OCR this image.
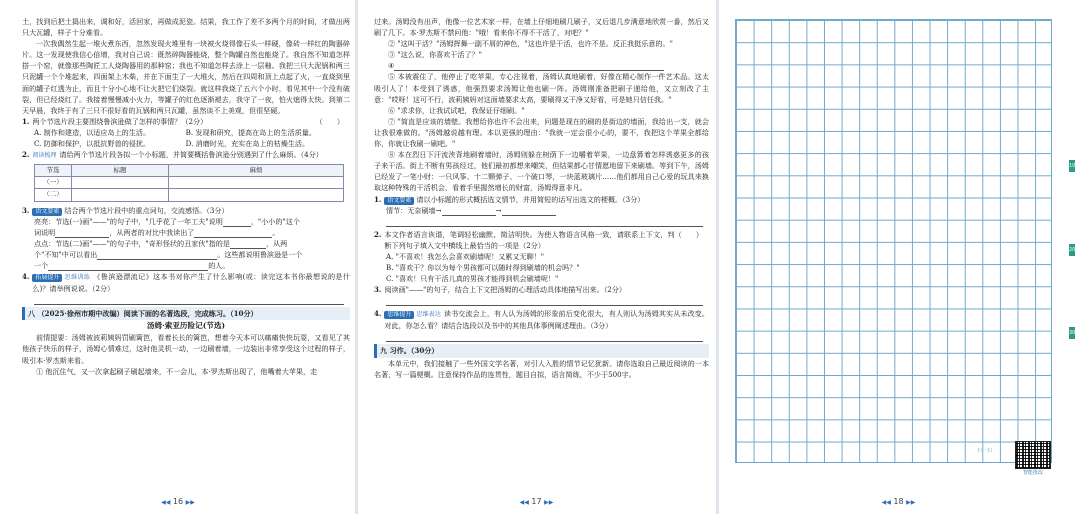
土，找到后把土捣出来，调和好，活回家，再做成泥瓷。结果，我工作了差不多两个月的时间，才做出两只大瓦罐，样子十分难看。

一次我偶然生起一堆火煮东西，忽然发现火堆里有一块被火烧得像石头一样硬，像砖一样红的陶器碎片。这一发现使我信心倍增，我对自己说：既然碎陶器能烧，整个陶罐自然也能烧了。我自然不知道怎样搭一个窑，就像那些陶匠工人烧陶器用的那种窑；我也不知道怎样去涂上一层釉。我把三只大泥锅和两三只泥罐一个个堆起来，四面架上木柴，并在下面生了一大堆火，然后在四周和顶上点起了火，一直烧到里面的罐子红透为止，而且十分小心地不让火把它们烧裂。就这样我烧了五六个小时，看见其中一个没有破裂，但已经烧红了。我接着慢慢减小火力，等罐子的红色逐渐褪去，我守了一夜，怕火熄得太快。到第二天早晨，我终于有了三只不很好看的瓦锅和两只瓦罐，虽然谈不上美观，但很坚硬。

1. 两个节选片段主要围绕鲁滨逊做了怎样的事情？（2分）	（　　）
A. 制作和建造，以适应岛上的生活。	B. 发现和研究，提高在岛上的生活质量。
C. 防御和保护，以抵抗野兽的侵扰。	D. 消磨时光，充实在岛上的枯燥生活。
2. 阅读梳理 请给两个节选片段各拟一个小标题，并简要概括鲁滨逊分别遇到了什么麻烦。（4分）
节选	标题	麻烦
（一）		
（二）		
3.	语文要素 结合两个节选片段中的重点词句，交流感悟。（3分）

亮亮：节选(一)画"——"的句子中，"几乎花了一年工夫"说明	，"小小的"这个

词说明	，从两者的对比中我读出了	。

点点：节选(二)画"——"的句子中，"奇形怪状的丑家伙"指的是	，从两

个"不知"中可以看出	。这些都说明鲁滨逊是一个

一个	的人。

4.	拓展提升 思维训练 《鲁滨逊漂流记》这本书对你产生了什么影响(或：读完这本书你最想说的是什么)？请举例说说。（2分）
八 （2025·徐州市期中改编）阅读下面的名著选段，完成练习。（10分）
汤姆·索亚历险记(节选)

前情提要：汤姆被波莉姨妈罚刷篱笆，看着长长的篱笆，想着今天本可以痛痛快快玩耍，又看见了其他孩子快乐的样子，汤姆心情难过，这时他灵机一动，一边刷着墙，一边装出非常享受这个过程的样子，吸引本·罗杰斯来看。

① 他沉住气，又一次拿起刷子刷起墙来，不一会儿，本·罗杰斯出现了，他嘴着大苹果，走

◀◀ 16 ▶▶

过来。汤姆没有出声，他像一位艺术家一样，在墙上仔细地刷几刷子，又后退几步满意地欣赏一番，然后又刷了几下。本·罗杰斯不禁问他："哦！看来你不得不干活了，对吧？"

② "这叫干活？"汤姆挥舞一副不屑的神色，"这也许是干活，也许不是。反正我挺乐意的。"

③ "这么说，你喜欢干活了？"

④

⑤ 本被震住了，他停止了吃苹果，专心注视着，汤姆认真地刷着，好像在精心制作一件艺术品。这太吸引人了！本受到了诱惑，他强烈要求汤姆让他也刷一阵。汤姆刚准备把刷子递给他，又立刻改了主意："哎呀！这可不行，波莉姨妈对这面墙要求太高，要刷得又干净又好看，可是她只信任我。"

⑥ "求求你，让我试试吧，我保证仔细刷。"

⑦ "简直是应该的墙壁。我想给你也许不会出来，问题是现在的刷的是街边的墙面，我给出一支，就会让我很难做的。"汤姆越说越有理。本以更强的理由："我就一定会很小心的，要不，我把这个苹果全都给你，你就让我刷一刷吧。"

⑧ 本在烈日下汗流浃背地刷着墙时，汤姆则躲在树荫下一边嚼着苹果，一边盘算着怎样诱惑更多的孩子来干活。街上不断有男孩经过，他们最初都想来嘲笑，但结果都心甘情愿地留下来刷墙。等到下午，汤姆已经发了一笔小财：一只风筝、十二颗弹子、一个破口琴，一块蓝玻璃片……他们都用自己心爱的玩具来换取这种特殊的干活机会，看着手里握然增长的财富，汤姆得意非凡。

1.	语文要素 请以小标题的形式概括选文情节，并用简短的话写出选文的梗概。（3分）

情节：无奈刷墙→	→

2. 本文作者语言诙谐，笔调轻松幽默、简洁明快。为使人物语言风格一致，请联系上下文，判断下列句子填入文中横线上最恰当的一项是（2分）
（　　）
A. "不喜欢！我怎么会喜欢刷墙呢！又累又无聊！"
B. "喜欢干？你以为每个男孩都可以随时得到刷墙的机会吗？"
C. "喜欢！只有干活儿真的男孩才能得到机会刷墙呢！"
3. 阅读画"——"的句子，结合上下文把汤姆的心理活动具体地描写出来。（2分）
4.	思维提升 思维表达 读书交流会上，有人认为汤姆的形象前后变化很大，有人则认为汤姆其实从未改变。对此，你怎么看？请结合选段以及书中的其他具体事例阐述理由。（3分）
九 习作。（30分）

本单元中，我们接触了一些外国文学名著，对引人入胜的情节记忆犹新。请你选取自己最近阅读的一本名著，写一篇梗概。注意保持作品的连贯性，题目自拟，语言简练，不少于500字。

◀◀ 17 ▶▶
10
20
30
扫一扫
智能批改
◀◀ 18 ▶▶
